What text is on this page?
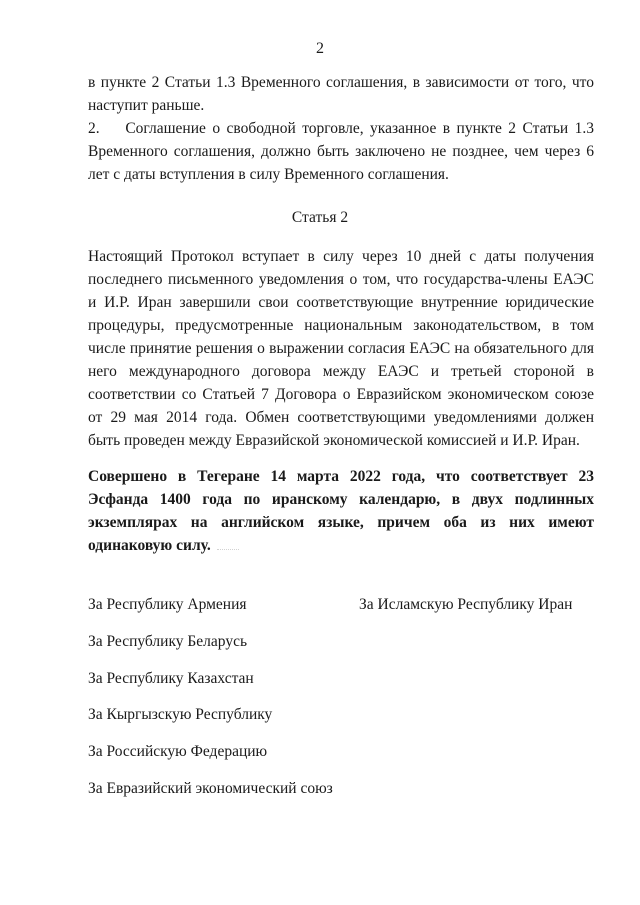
2
в пункте 2 Статьи 1.3 Временного соглашения, в зависимости от того, что наступит раньше.
2.    Соглашение о свободной торговле, указанное в пункте 2 Статьи 1.3 Временного соглашения, должно быть заключено не позднее, чем через 6 лет с даты вступления в силу Временного соглашения.
Статья 2
Настоящий Протокол вступает в силу через 10 дней с даты получения последнего письменного уведомления о том, что государства-члены ЕАЭС и И.Р. Иран завершили свои соответствующие внутренние юридические процедуры, предусмотренные национальным законодательством, в том числе принятие решения о выражении согласия ЕАЭС на обязательного для него международного договора между ЕАЭС и третьей стороной в соответствии со Статьей 7 Договора о Евразийском экономическом союзе от 29 мая 2014 года. Обмен соответствующими уведомлениями должен быть проведен между Евразийской экономической комиссией и И.Р. Иран.
Совершено в Тегеране 14 марта 2022 года, что соответствует 23 Эсфанда 1400 года по иранскому календарю, в двух подлинных экземплярах на английском языке, причем оба из них имеют одинаковую силу.
За Республику Армения
За Республику Беларусь
За Республику Казахстан
За Кыргызскую Республику
За Российскую Федерацию
За Евразийский экономический союз
За Исламскую Республику Иран
